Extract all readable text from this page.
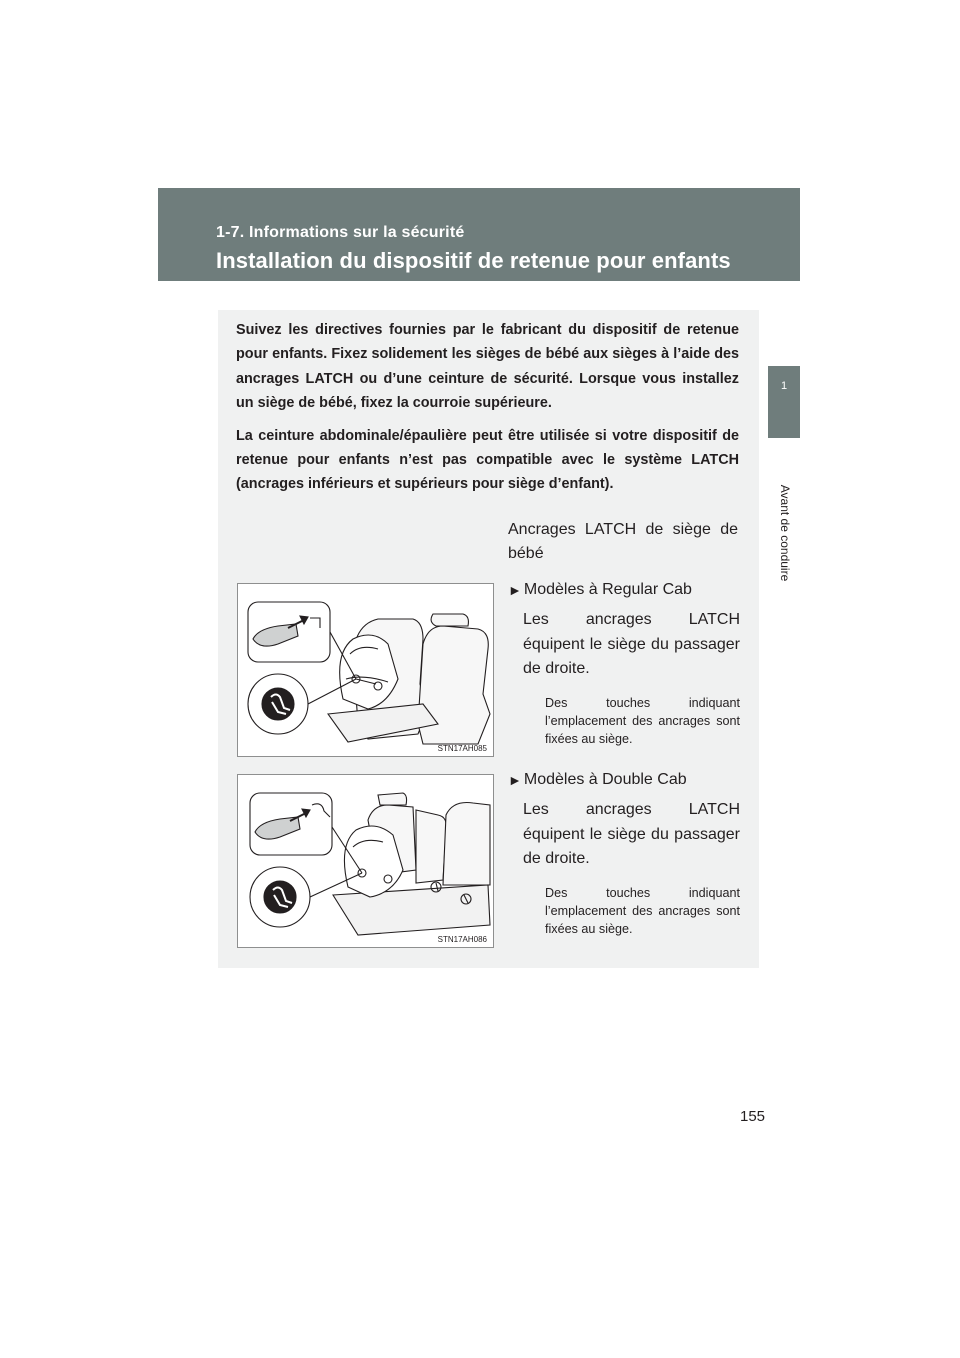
1-7. Informations sur la sécurité
Installation du dispositif de retenue pour enfants
1
Avant de conduire

Suivez les directives fournies par le fabricant du dispositif de retenue pour enfants. Fixez solidement les sièges de bébé aux sièges à l’aide des ancrages LATCH ou d’une ceinture de sécurité. Lorsque vous installez un siège de bébé, fixez la courroie supérieure.

La ceinture abdominale/épaulière peut être utilisée si votre dispositif de retenue pour enfants n’est pas compatible avec le système LATCH (ancrages inférieurs et supérieurs pour siège d’enfant).

Ancrages LATCH de siège de bébé
► Modèles à Regular Cab
Les ancrages LATCH équipent le siège du passager de droite.
Des touches indiquant l’emplacement des ancrages sont fixées au siège.
STN17AH085
► Modèles à Double Cab
Les ancrages LATCH équipent le siège du passager de droite.
Des touches indiquant l’emplacement des ancrages sont fixées au siège.
STN17AH086
155
